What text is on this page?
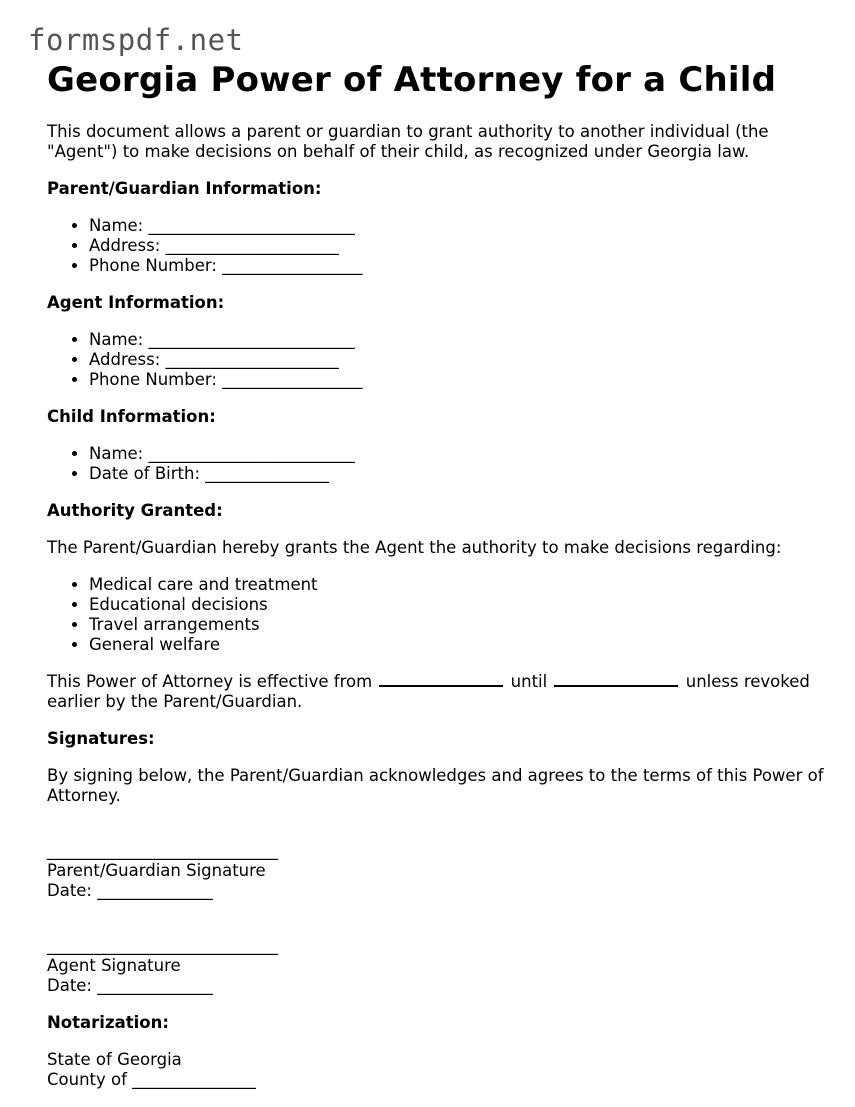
formspdf.net
Georgia Power of Attorney for a Child

This document allows a parent or guardian to grant authority to another individual (the "Agent") to make decisions on behalf of their child, as recognized under Georgia law.

Parent/Guardian Information:
• Name: _________________________
• Address: _____________________
• Phone Number: _________________
Agent Information:
• Name: _________________________
• Address: _____________________
• Phone Number: _________________
Child Information:
• Name: _________________________
• Date of Birth: _______________
Authority Granted:

The Parent/Guardian hereby grants the Agent the authority to make decisions regarding:

• Medical care and treatment
• Educational decisions
• Travel arrangements
• General welfare

This Power of Attorney is effective from	until	unless revoked earlier by the Parent/Guardian.

Signatures:

By signing below, the Parent/Guardian acknowledges and agrees to the terms of this Power of Attorney.

____________________________
Parent/Guardian Signature
Date: ______________
____________________________
Agent Signature
Date: ______________
Notarization:
State of Georgia
County of _______________
